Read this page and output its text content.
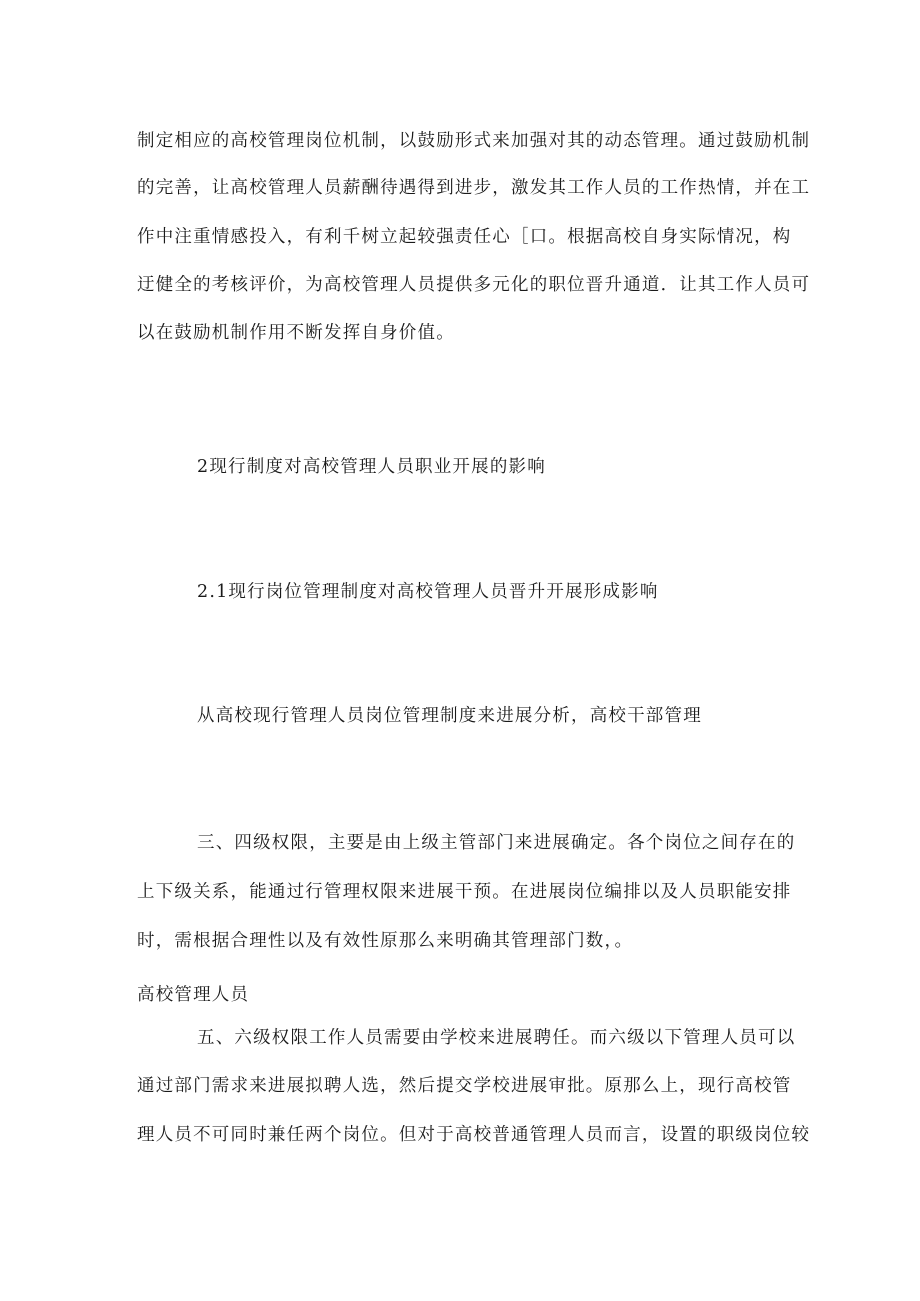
制定相应的高校管理岗位机制，以鼓励形式来加强对其的动态管理。通过鼓励机制
的完善，让高校管理人员薪酬待遇得到进步，激发其工作人员的工作热情，并在工
作中注重情感投入，有利千树立起较强责任心［口。根据高校自身实际情况，构
迂健全的考核评价，为高校管理人员提供多元化的职位晋升通道．让其工作人员可
以在鼓励机制作用不断发挥自身价值。
2现行制度对高校管理人员职业开展的影响
2.1现行岗位管理制度对高校管理人员晋升开展形成影响
从高校现行管理人员岗位管理制度来进展分析，高校干部管理
三、四级权限，主要是由上级主管部门来进展确定。各个岗位之间存在的
上下级关系，能通过行管理权限来进展干预。在进展岗位编排以及人员职能安排
时，需根据合理性以及有效性原那么来明确其管理部门数，。
高校管理人员
五、六级权限工作人员需要由学校来进展聘任。而六级以下管理人员可以
通过部门需求来进展拟聘人选，然后提交学校进展审批。原那么上，现行高校管
理人员不可同时兼任两个岗位。但对于高校普通管理人员而言，设置的职级岗位较
